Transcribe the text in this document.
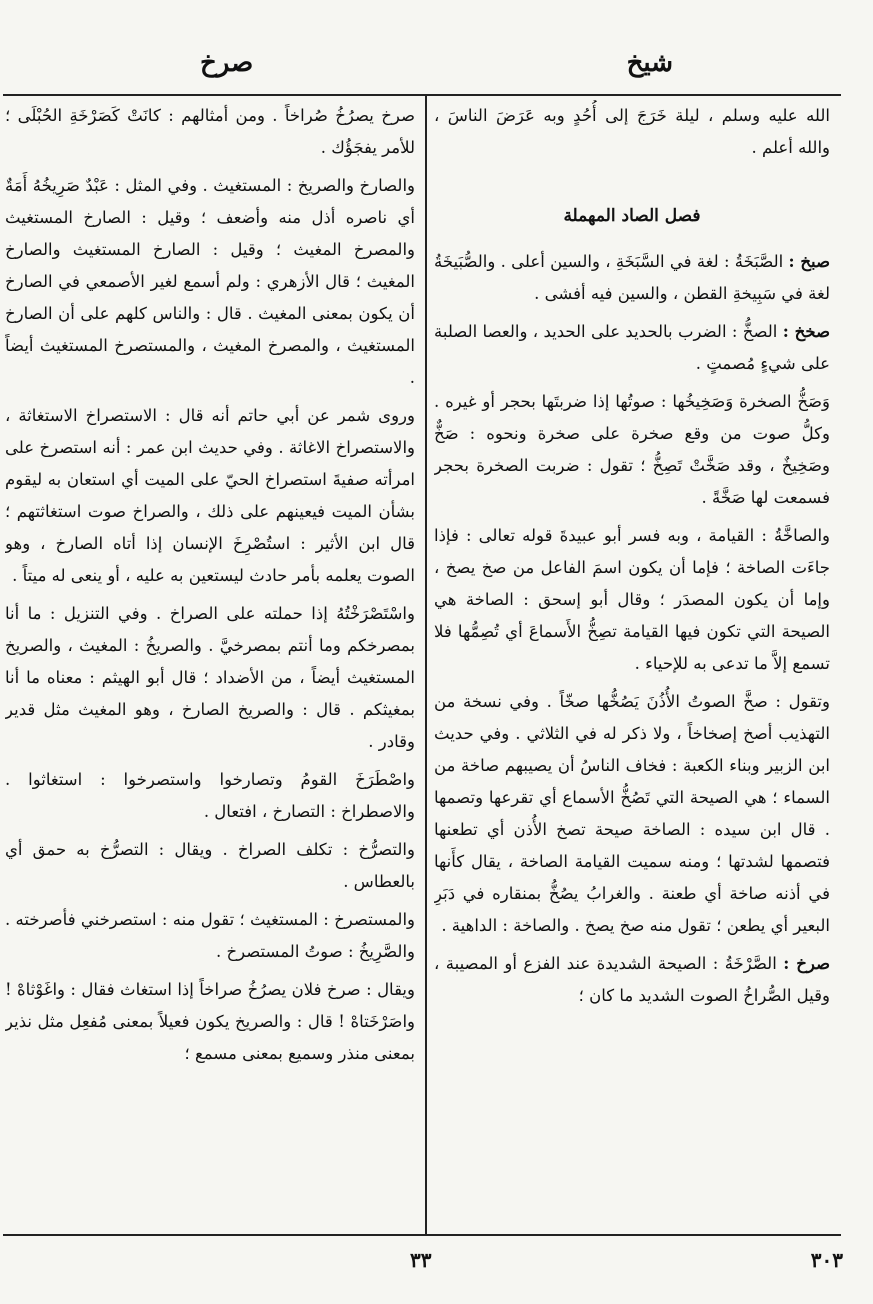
شيخ
صرخ

الله عليه وسلم ، ليلة خَرَجَ إلى أُحُدٍ وبه عَرَضَ الناسَ ، والله أعلم .

فصل الصاد المهملة

صبخ : الصَّبَخَةُ : لغة في السَّبَخَةِ ، والسين أعلى . والصُّبَيخَةُ لغة في سَبِيخةِ القطن ، والسين فيه أفشى .

صخخ : الصخُّ : الضرب بالحديد على الحديد ، والعصا الصلبة على شيءٍ مُصمتٍ .

وَصَخُّ الصخرة وَصَخِيخُها : صوتُها إذا ضربتَها بحجر أو غيره . وكلُّ صوت من وقع صخرة على صخرة ونحوه : صَخٌّ وصَخِيخٌ ، وقد صَخَّتْ تَصِخُّ ؛ تقول : ضربت الصخرة بحجر فسمعت لها صَخَّةً .

والصاخَّةُ : القيامة ، وبه فسر أبو عبيدةَ قوله تعالى : فإذا جاءَت الصاخة ؛ فإما أن يكون اسمَ الفاعل من صخ يصخ ، وإما أن يكون المصدَر ؛ وقال أبو إسحق : الصاخة هي الصيحة التي تكون فيها القيامة تصِخُّ الأَسماعَ أي تُصِمُّها فلا تسمع إلاَّ ما تدعى به للإحياء .

وتقول : صخَّ الصوتُ الأُذُنَ يَصُخُّها صخّاً . وفي نسخة من التهذيب أصخ إصخاخاً ، ولا ذكر له في الثلاثي . وفي حديث ابن الزبير وبناء الكعبة : فخاف الناسُ أن يصيبهم صاخة من السماء ؛ هي الصيحة التي تَصُخُّ الأسماع أي تقرعها وتصمها . قال ابن سيده : الصاخة صيحة تصخ الأُذن أي تطعنها فتصمها لشدتها ؛ ومنه سميت القيامة الصاخة ، يقال كأَنها في أذنه صاخة أي طعنة . والغرابُ يصُخُّ بمنقاره في دَبَرِ البعير أي يطعن ؛ تقول منه صخ يصخ . والصاخة : الداهية .

صرخ : الصَّرْخَةُ : الصيحة الشديدة عند الفزع أو المصيبة ، وقيل الصُّراخُ الصوت الشديد ما كان ؛

صرخ يصرُخُ صُراخاً . ومن أمثالهم : كانَتْ كَصَرْخَةِ الحُبْلَى ؛ للأمر يفجَؤُك .

والصارخ والصريخ : المستغيث . وفي المثل : عَبْدٌ صَرِيخُهُ أَمَةٌ أي ناصره أذل منه وأضعف ؛ وقيل : الصارخ المستغيث والمصرخ المغيث ؛ وقيل : الصارخ المستغيث والصارخ المغيث ؛ قال الأزهري : ولم أسمع لغير الأصمعي في الصارخ أن يكون بمعنى المغيث . قال : والناس كلهم على أن الصارخ المستغيث ، والمصرخ المغيث ، والمستصرخ المستغيث أيضاً .

وروى شمر عن أبي حاتم أنه قال : الاستصراخ الاستغاثة ، والاستصراخ الاغاثة . وفي حديث ابن عمر : أنه استصرخ على امرأته صفيةَ استصراخ الحيّ على الميت أي استعان به ليقوم بشأن الميت فيعينهم على ذلك ، والصراخ صوت استغاثتهم ؛ قال ابن الأثير : استُصْرِخَ الإنسان إذا أتاه الصارخ ، وهو الصوت يعلمه بأمر حادث ليستعين به عليه ، أو ينعى له ميتاً .

واسْتَصْرَخْتُهُ إذا حملته على الصراخ . وفي التنزيل : ما أنا بمصرخكم وما أنتم بمصرخيَّ . والصريخُ : المغيث ، والصريخ المستغيث أيضاً ، من الأضداد ؛ قال أبو الهيثم : معناه ما أنا بمغيثكم . قال : والصريخ الصارخ ، وهو المغيث مثل قدير وقادر .

واصْطَرَخَ القومُ وتصارخوا واستصرخوا : استغاثوا . والاصطراخ : التصارخ ، افتعال .

والتصرُّخ : تكلف الصراخ . ويقال : التصرُّخ به حمق أي بالعطاس .

والمستصرخ : المستغيث ؛ تقول منه : استصرخني فأصرخته . والصَّرِيخُ : صوتُ المستصرخ .

ويقال : صرخ فلان يصرُخُ صراخاً إذا استغاث فقال : واغَوْثاهْ ! واصَرْخَتاهْ ! قال : والصريخ يكون فعيلاً بمعنى مُفعِل مثل نذير بمعنى منذر وسميع بمعنى مسمع ؛

٣٣	٣٠٣
